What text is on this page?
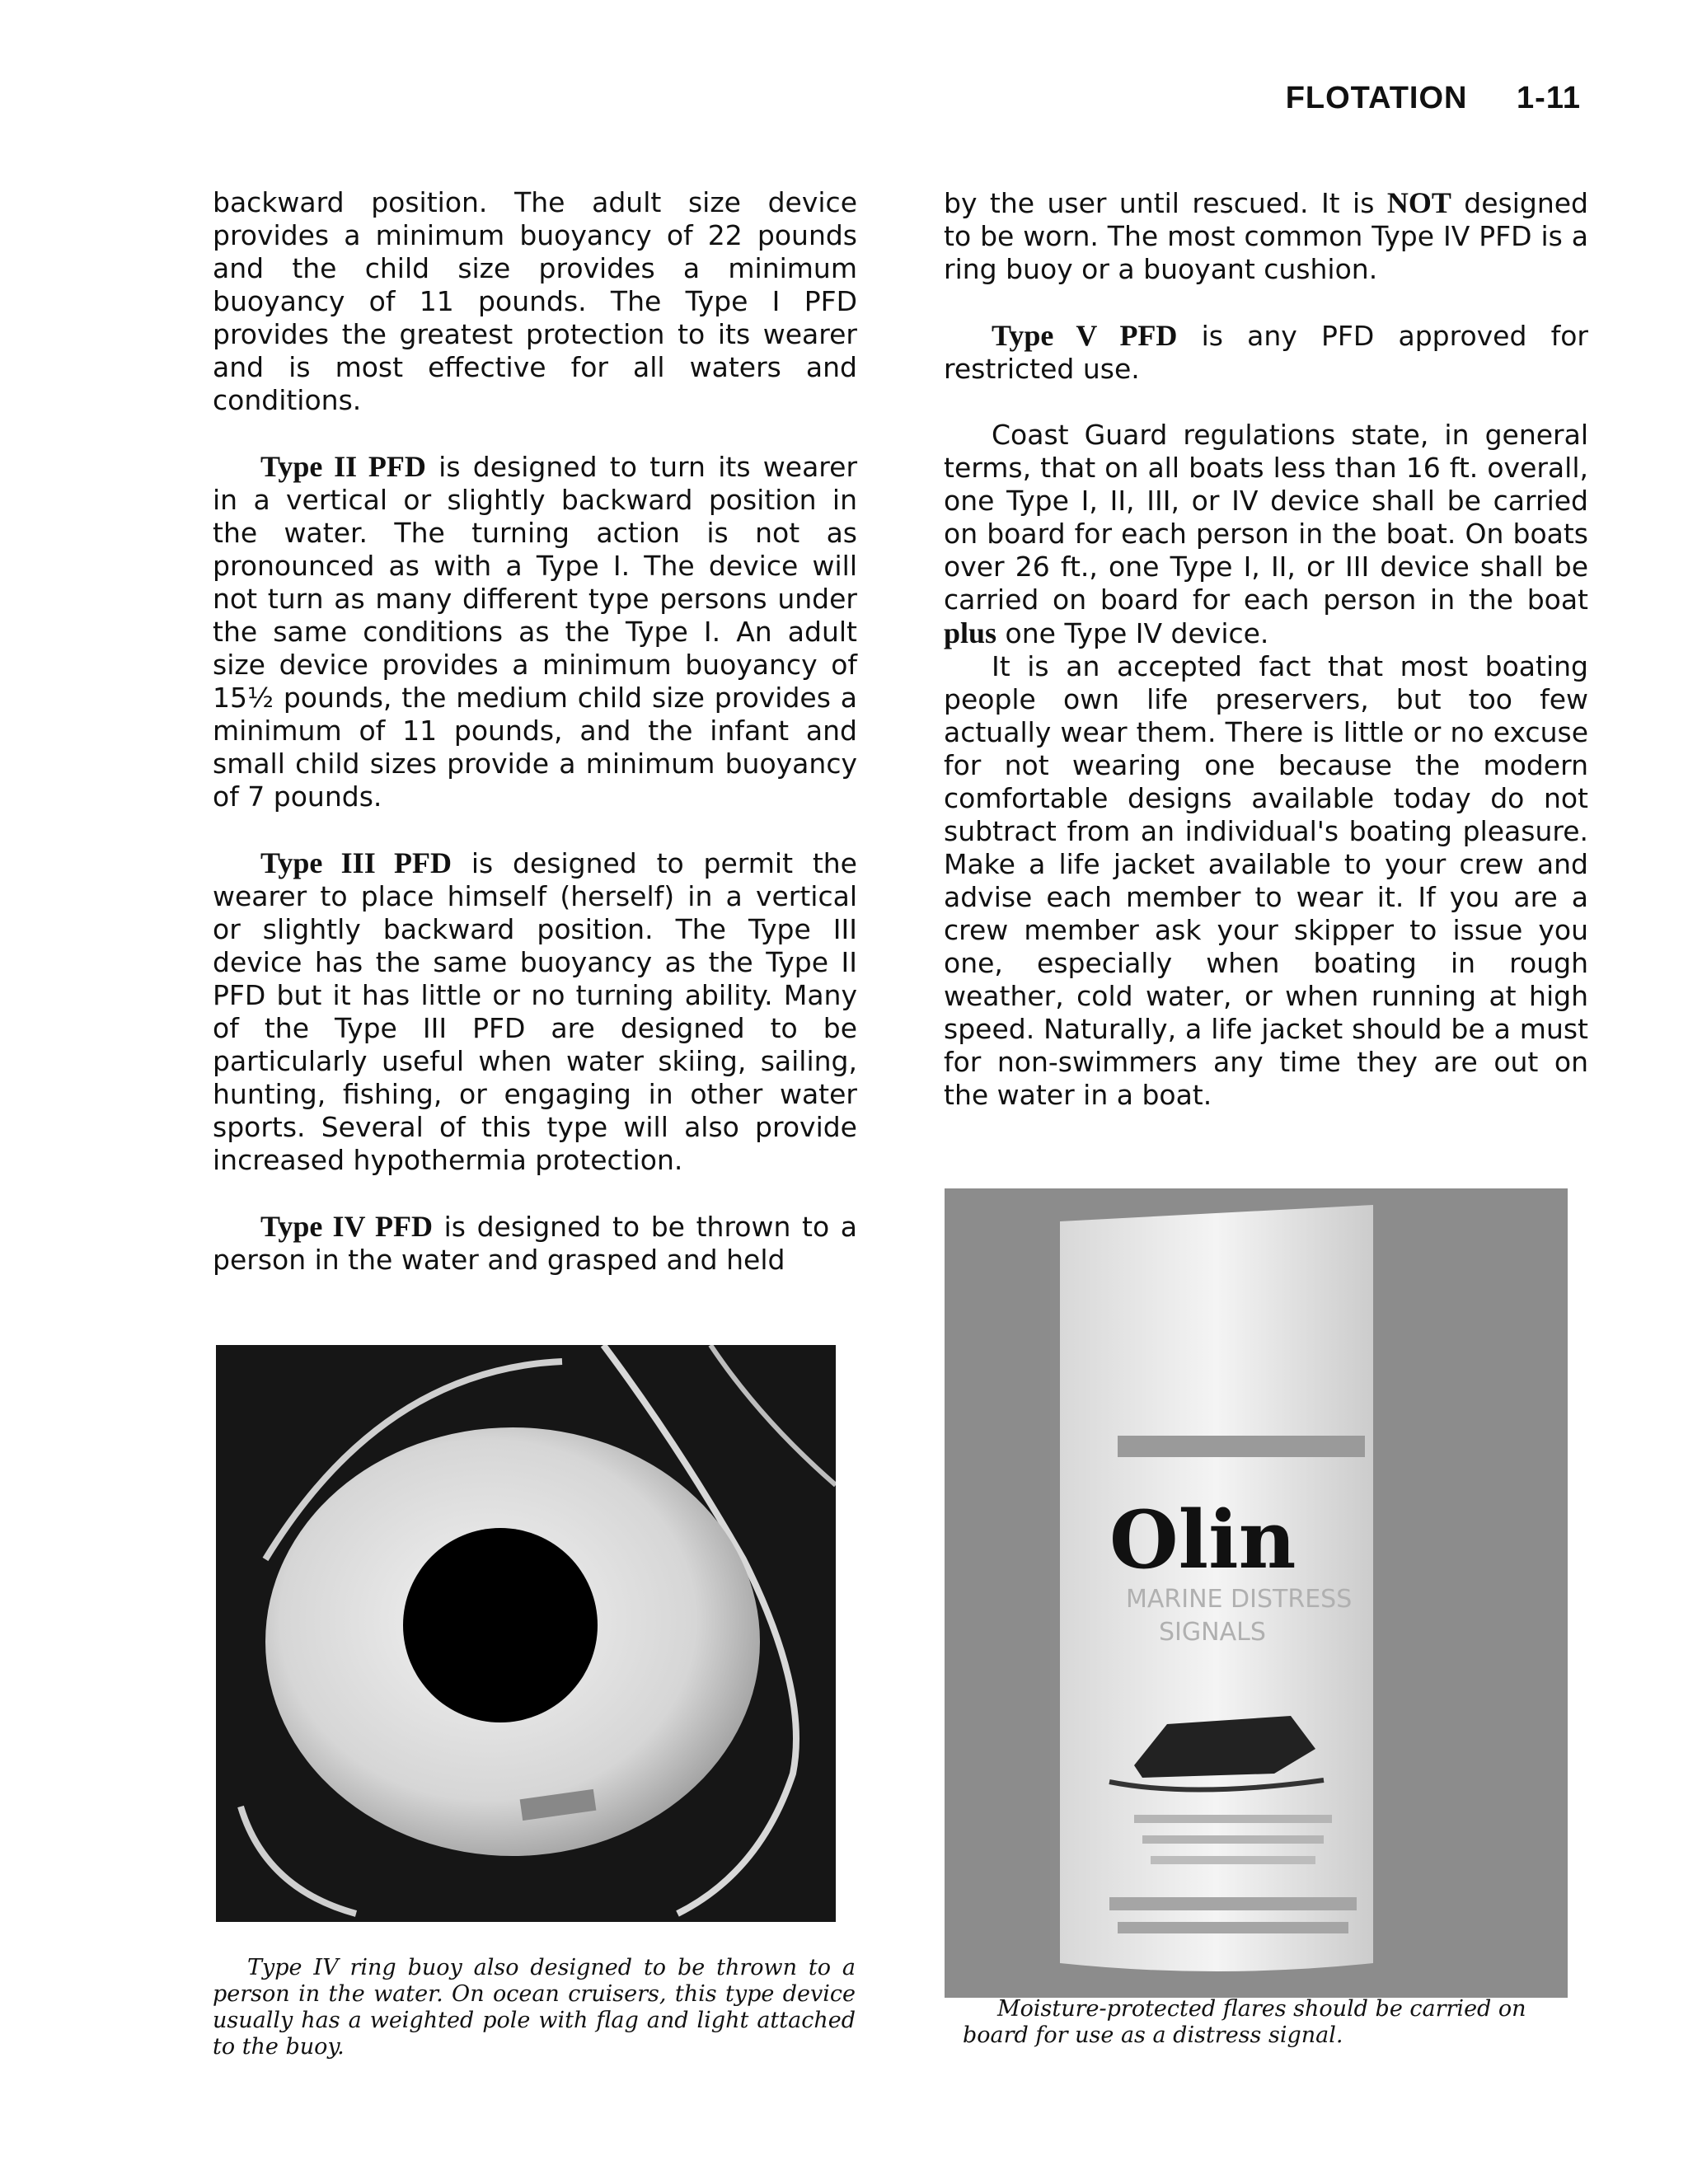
FLOTATION 1-11

backward position. The adult size device provides a minimum buoyancy of 22 pounds and the child size provides a minimum buoyancy of 11 pounds. The Type I PFD provides the greatest protection to its wearer and is most effective for all waters and conditions.

Type II PFD is designed to turn its wearer in a vertical or slightly backward position in the water. The turning action is not as pronounced as with a Type I. The device will not turn as many different type persons under the same conditions as the Type I. An adult size device provides a minimum buoyancy of 15½ pounds, the medium child size provides a minimum of 11 pounds, and the infant and small child sizes provide a minimum buoyancy of 7 pounds.

Type III PFD is designed to permit the wearer to place himself (herself) in a vertical or slightly backward position. The Type III device has the same buoyancy as the Type II PFD but it has little or no turning ability. Many of the Type III PFD are designed to be particularly useful when water skiing, sailing, hunting, fishing, or engaging in other water sports. Several of this type will also provide increased hypothermia protection.

Type IV PFD is designed to be thrown to a person in the water and grasped and held

by the user until rescued. It is NOT designed to be worn. The most common Type IV PFD is a ring buoy or a buoyant cushion.

Type V PFD is any PFD approved for restricted use.

Coast Guard regulations state, in general terms, that on all boats less than 16 ft. overall, one Type I, II, III, or IV device shall be carried on board for each person in the boat. On boats over 26 ft., one Type I, II, or III device shall be carried on board for each person in the boat plus one Type IV device.

It is an accepted fact that most boating people own life preservers, but too few actually wear them. There is little or no excuse for not wearing one because the modern comfortable designs available today do not subtract from an individual's boating pleasure. Make a life jacket available to your crew and advise each member to wear it. If you are a crew member ask your skipper to issue you one, especially when boating in rough weather, cold water, or when running at high speed. Naturally, a life jacket should be a must for non-swimmers any time they are out on the water in a boat.

Type IV ring buoy also designed to be thrown to a person in the water. On ocean cruisers, this type device usually has a weighted pole with flag and light attached to the buoy.
Olin
MARINE DISTRESS
SIGNALS
Moisture-protected flares should be carried on board for use as a distress signal.
